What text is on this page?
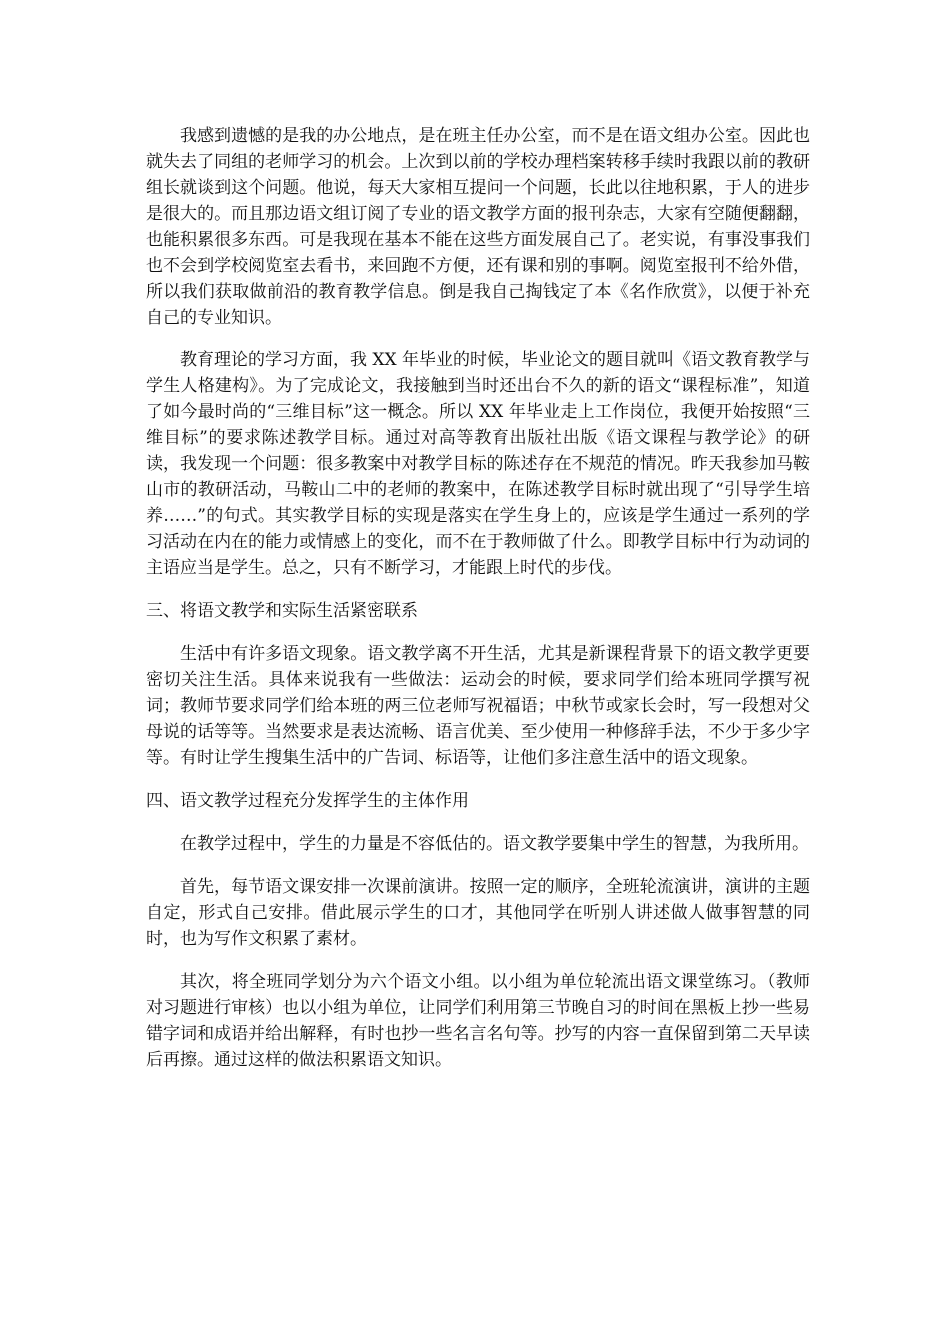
我感到遗憾的是我的办公地点，是在班主任办公室，而不是在语文组办公室。因此也就失去了同组的老师学习的机会。上次到以前的学校办理档案转移手续时我跟以前的教研组长就谈到这个问题。他说，每天大家相互提问一个问题，长此以往地积累，于人的进步是很大的。而且那边语文组订阅了专业的语文教学方面的报刊杂志，大家有空随便翻翻，也能积累很多东西。可是我现在基本不能在这些方面发展自己了。老实说，有事没事我们也不会到学校阅览室去看书，来回跑不方便，还有课和别的事啊。阅览室报刊不给外借，所以我们获取做前沿的教育教学信息。倒是我自己掏钱定了本《名作欣赏》，以便于补充自己的专业知识。

教育理论的学习方面，我 XX 年毕业的时候，毕业论文的题目就叫《语文教育教学与学生人格建构》。为了完成论文，我接触到当时还出台不久的新的语文“课程标准”，知道了如今最时尚的“三维目标”这一概念。所以 XX 年毕业走上工作岗位，我便开始按照“三维目标”的要求陈述教学目标。通过对高等教育出版社出版《语文课程与教学论》的研读，我发现一个问题：很多教案中对教学目标的陈述存在不规范的情况。昨天我参加马鞍山市的教研活动，马鞍山二中的老师的教案中，在陈述教学目标时就出现了“引导学生培养……”的句式。其实教学目标的实现是落实在学生身上的，应该是学生通过一系列的学习活动在内在的能力或情感上的变化，而不在于教师做了什么。即教学目标中行为动词的主语应当是学生。总之，只有不断学习，才能跟上时代的步伐。

三、将语文教学和实际生活紧密联系

生活中有许多语文现象。语文教学离不开生活，尤其是新课程背景下的语文教学更要密切关注生活。具体来说我有一些做法：运动会的时候，要求同学们给本班同学撰写祝词；教师节要求同学们给本班的两三位老师写祝福语；中秋节或家长会时，写一段想对父母说的话等等。当然要求是表达流畅、语言优美、至少使用一种修辞手法，不少于多少字等。有时让学生搜集生活中的广告词、标语等，让他们多注意生活中的语文现象。

四、语文教学过程充分发挥学生的主体作用

在教学过程中，学生的力量是不容低估的。语文教学要集中学生的智慧，为我所用。

首先，每节语文课安排一次课前演讲。按照一定的顺序，全班轮流演讲，演讲的主题自定，形式自己安排。借此展示学生的口才，其他同学在听别人讲述做人做事智慧的同时，也为写作文积累了素材。

其次，将全班同学划分为六个语文小组。以小组为单位轮流出语文课堂练习。（教师对习题进行审核）也以小组为单位，让同学们利用第三节晚自习的时间在黑板上抄一些易错字词和成语并给出解释，有时也抄一些名言名句等。抄写的内容一直保留到第二天早读后再擦。通过这样的做法积累语文知识。
